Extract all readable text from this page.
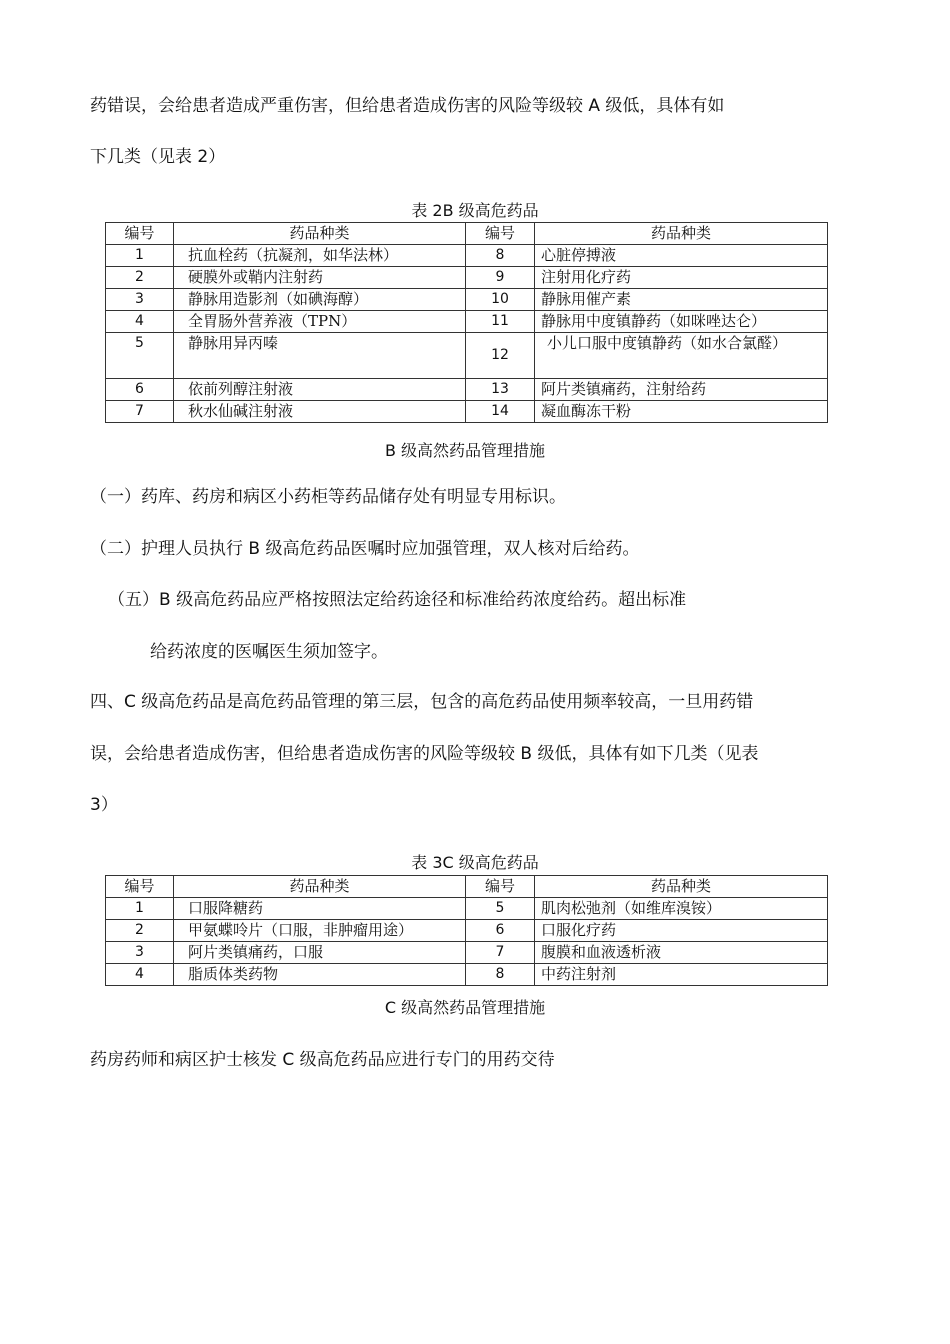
药错误，会给患者造成严重伤害，但给患者造成伤害的风险等级较 A 级低，具体有如

下几类（见表 2）

表 2B 级高危药品

编号	药品种类	编号	药品种类
1	抗血栓药（抗凝剂，如华法林）	8	心脏停搏液
2	硬膜外或鞘内注射药	9	注射用化疗药
3	静脉用造影剂（如碘海醇）	10	静脉用催产素
4	全胃肠外营养液（TPN）	11	静脉用中度镇静药（如咪唑达仑）
5	静脉用异丙嗪	12	小儿口服中度镇静药（如水合氯醛）
6	依前列醇注射液	13	阿片类镇痛药，注射给药
7	秋水仙碱注射液	14	凝血酶冻干粉

B 级高然药品管理措施

（一）药库、药房和病区小药柜等药品储存处有明显专用标识。

（二）护理人员执行 B 级高危药品医嘱时应加强管理，双人核对后给药。

（五）B 级高危药品应严格按照法定给药途径和标准给药浓度给药。超出标准

给药浓度的医嘱医生须加签字。

四、C 级高危药品是高危药品管理的第三层，包含的高危药品使用频率较高，一旦用药错

误，会给患者造成伤害，但给患者造成伤害的风险等级较 B 级低，具体有如下几类（见表

3）

表 3C 级高危药品

编号	药品种类	编号	药品种类
1	口服降糖药	5	肌肉松弛剂（如维库溴铵）
2	甲氨蝶呤片（口服，非肿瘤用途）	6	口服化疗药
3	阿片类镇痛药，口服	7	腹膜和血液透析液
4	脂质体类药物	8	中药注射剂

C 级高然药品管理措施

药房药师和病区护士核发 C 级高危药品应进行专门的用药交待
